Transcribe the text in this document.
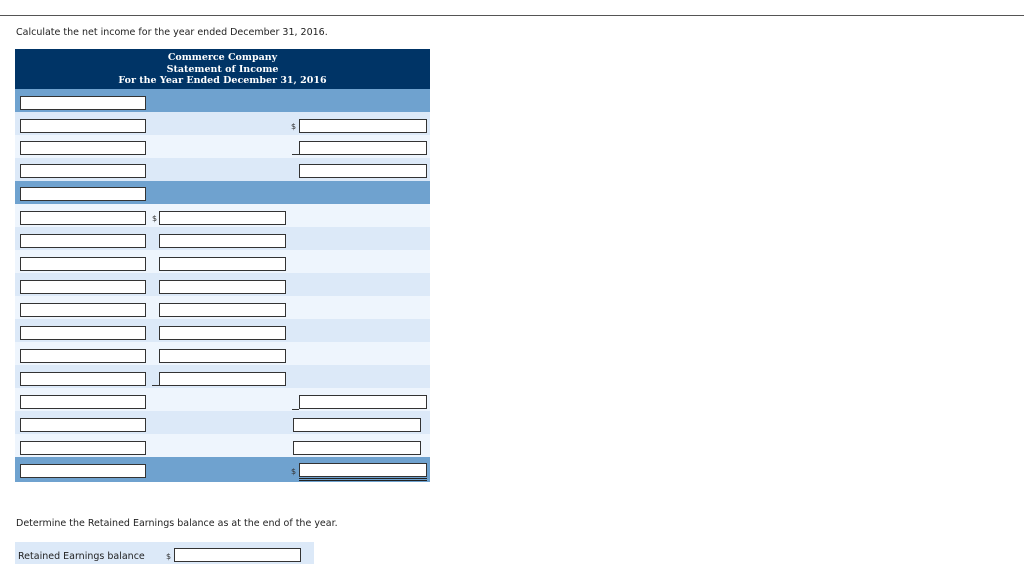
Calculate the net income for the year ended December 31, 2016.
Commerce Company
Statement of Income
For the Year Ended December 31, 2016
$
$
$
Determine the Retained Earnings balance as at the end of the year.
Retained Earnings balance	$
